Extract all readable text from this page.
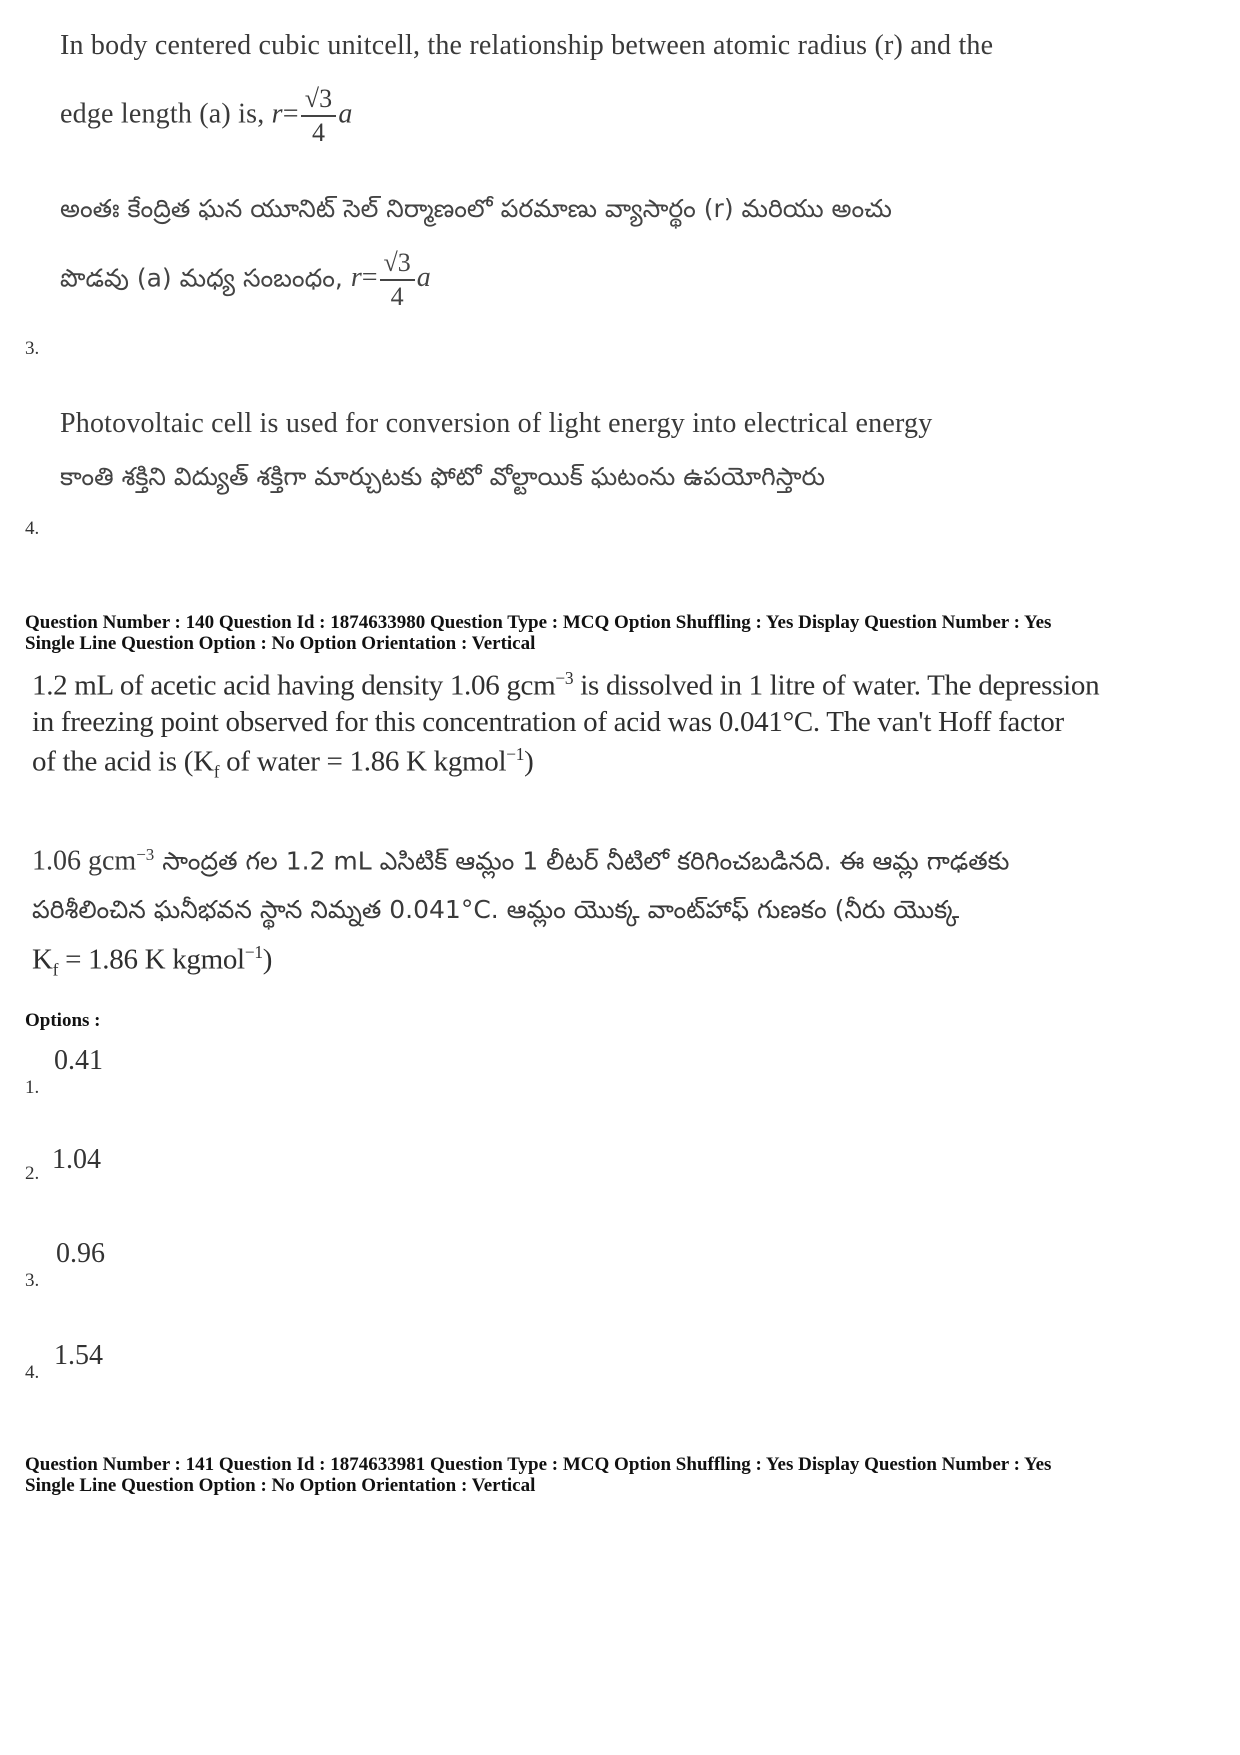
In body centered cubic unitcell, the relationship between atomic radius (r) and the
edge length (a) is, $r= \frac{√3}{4}$ a
అంతః కేంద్రిత ఘన యూనిట్ సెల్ నిర్మాణంలో పరమాణు వ్యాసార్థం (r) మరియు అంచు
పొడవు (a) మధ్య సంబంధం, $r= \frac{√3}{4}$ a
3.
Photovoltaic cell is used for conversion of light energy into electrical energy
కాంతి శక్తిని విద్యుత్ శక్తిగా మార్చుటకు ఫోటో వోల్టాయిక్ ఘటంను ఉపయోగిస్తారు
4.
Question Number : 140 Question Id : 1874633980 Question Type : MCQ Option Shuffling : Yes Display Question Number : Yes
Single Line Question Option : No Option Orientation : Vertical
1.2 mL of acetic acid having density 1.06 gcm$^{-3}$ is dissolved in 1 litre of water. The depression
in freezing point observed for this concentration of acid was 0.041°C. The van't Hoff factor
of the acid is ($K_f$ of water = 1.86 K kgmol$^{-1}$)
1.06 gcm$^{-3}$ సాంద్రత గల 1.2 mL ఎసిటిక్ ఆమ్లం 1 లీటర్ నీటిలో కరిగించబడినది. ఈ ఆమ్ల గాఢతకు
పరిశీలించిన ఘనీభవన స్థాన నిమ్నత 0.041°C. ఆమ్లం యొక్క వాంట్‌హాఫ్ గుణకం (నీరు యొక్క
$K_f = 1.86$ K kgmol$^{-1}$)
Options :
0.41
1.
1.04
2.
0.96
3.
1.54
4.
Question Number : 141 Question Id : 1874633981 Question Type : MCQ Option Shuffling : Yes Display Question Number : Yes
Single Line Question Option : No Option Orientation : Vertical
